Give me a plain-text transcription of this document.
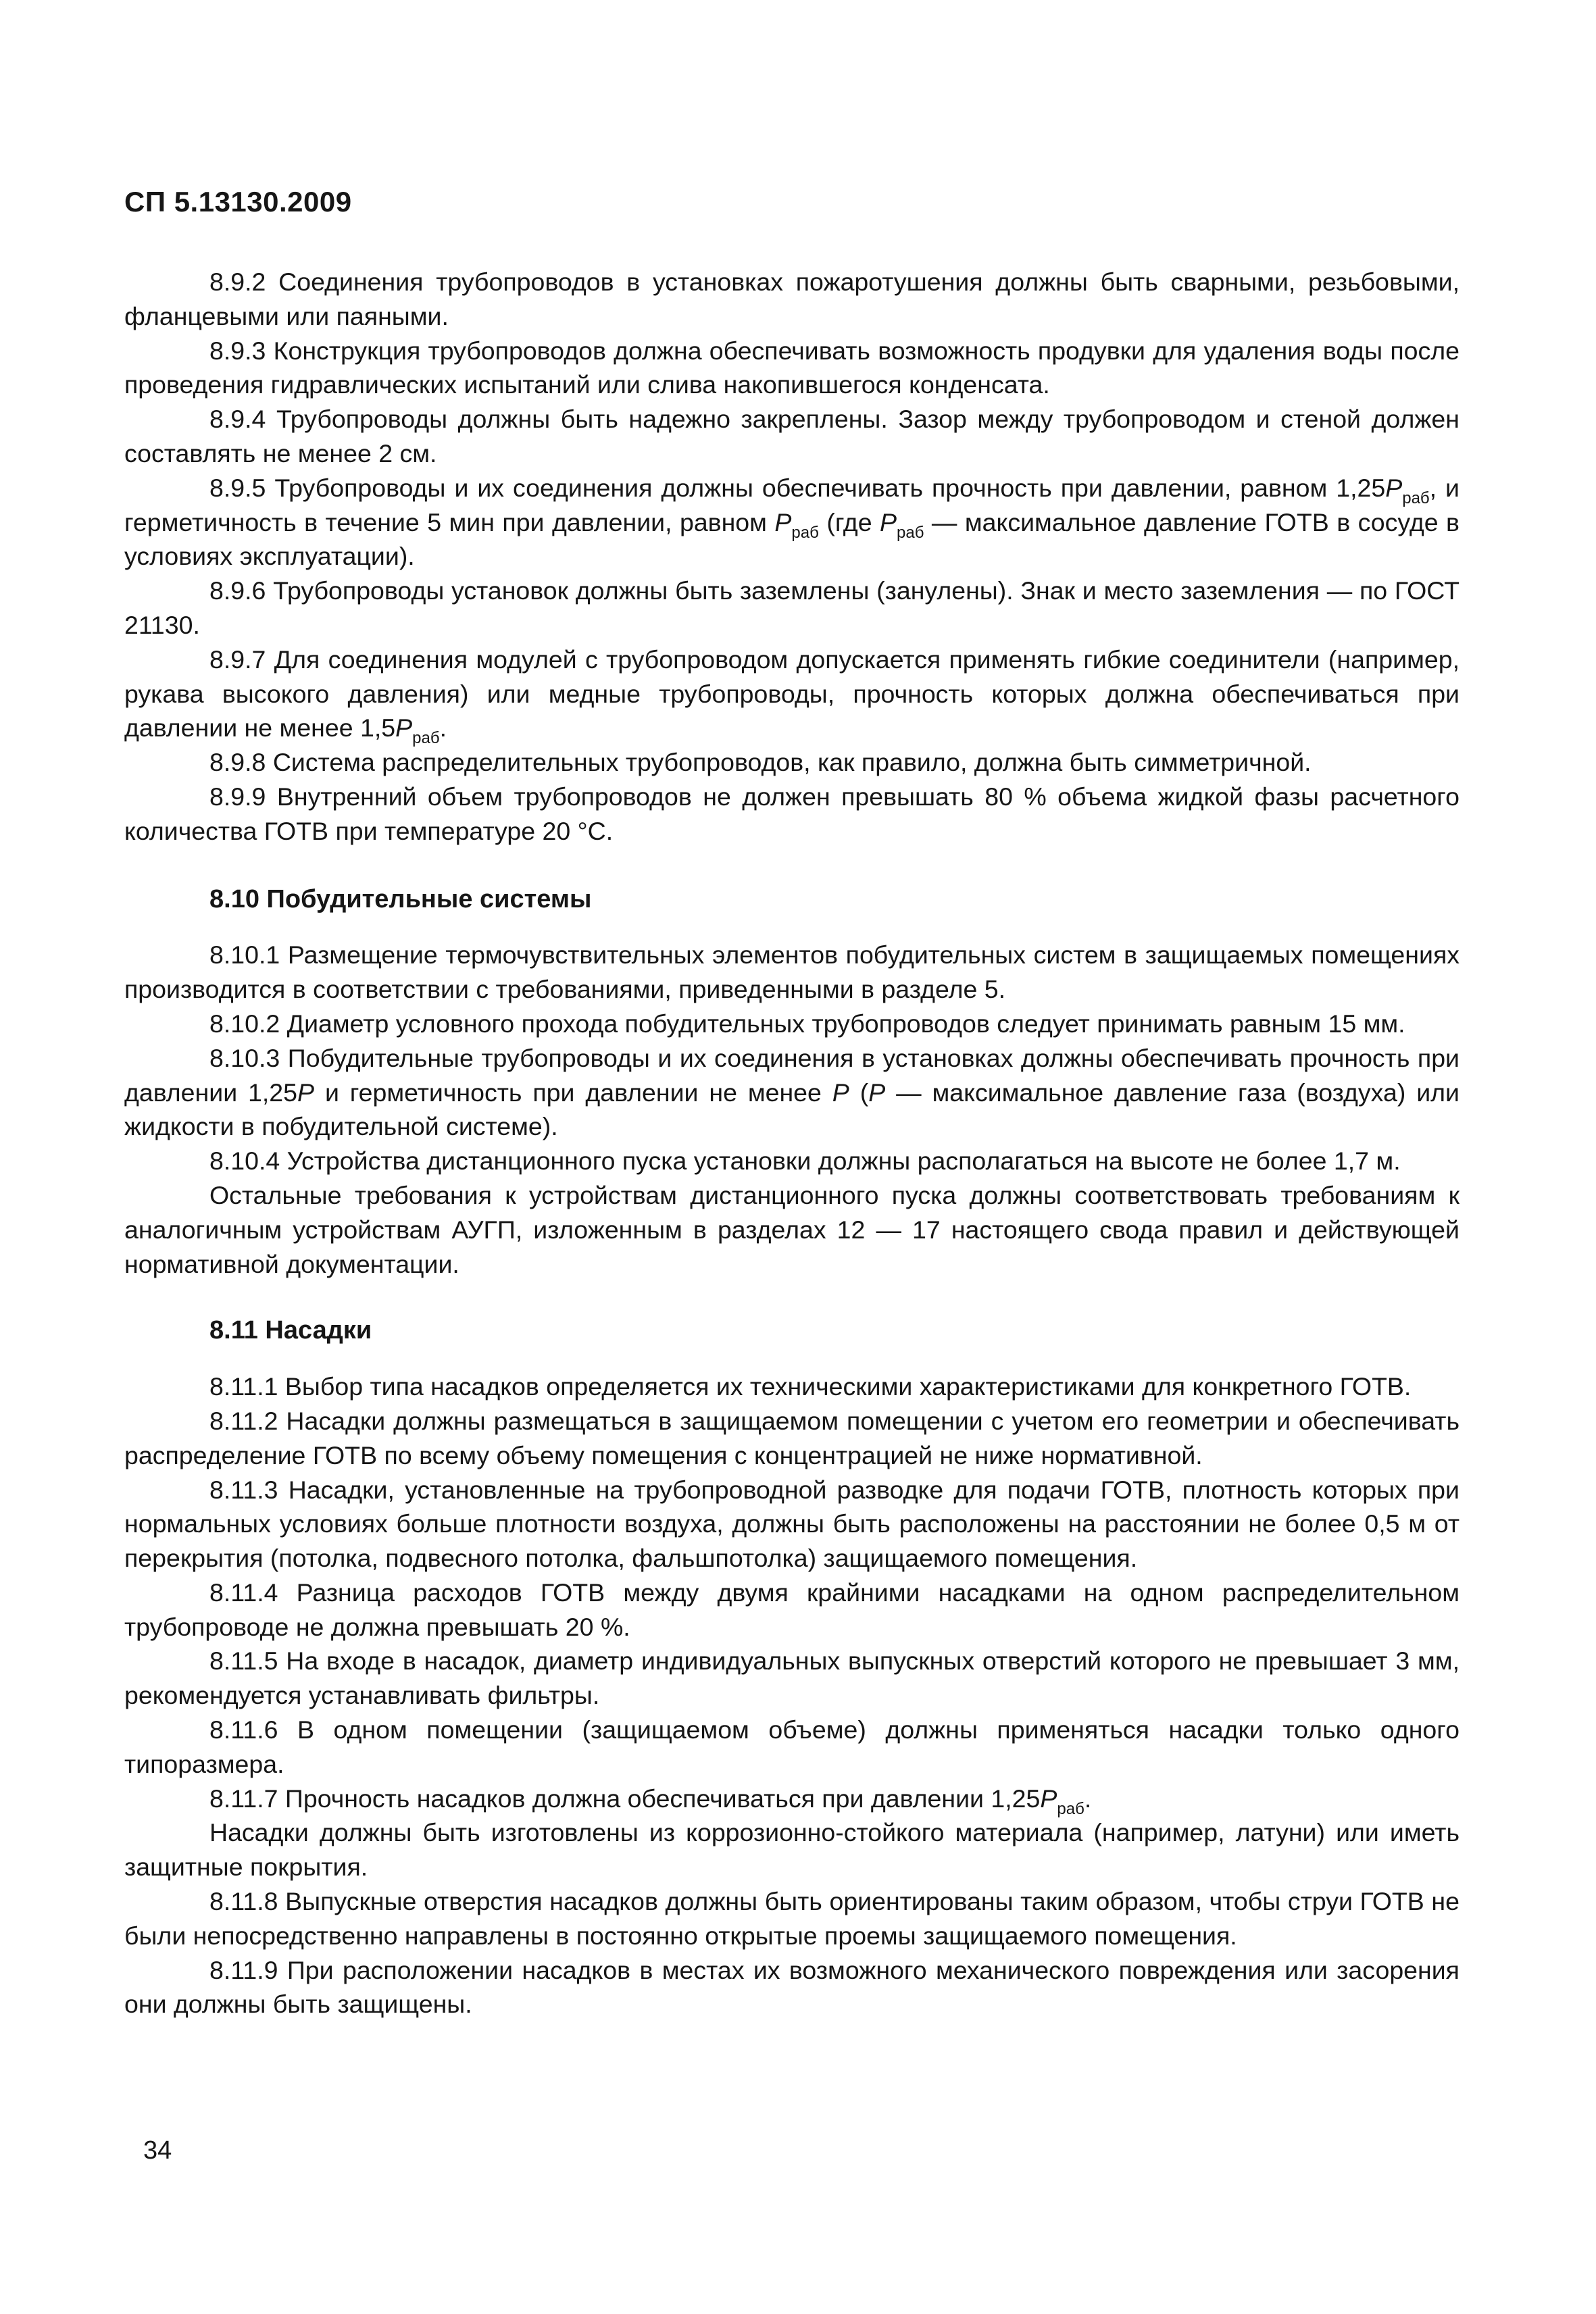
СП 5.13130.2009

8.9.2 Соединения трубопроводов в установках пожаротушения должны быть сварными, резьбовыми, фланцевыми или паяными.

8.9.3 Конструкция трубопроводов должна обеспечивать возможность продувки для удаления воды после проведения гидравлических испытаний или слива накопившегося конденсата.

8.9.4 Трубопроводы должны быть надежно закреплены. Зазор между трубопроводом и стеной должен составлять не менее 2 см.

8.9.5 Трубопроводы и их соединения должны обеспечивать прочность при давлении, равном $1,25P_{раб}$, и герметичность в течение 5 мин при давлении, равном $P_{раб}$ (где $P_{раб}$ — максимальное давление ГОТВ в сосуде в условиях эксплуатации).

8.9.6 Трубопроводы установок должны быть заземлены (занулены). Знак и место заземления — по ГОСТ 21130.

8.9.7 Для соединения модулей с трубопроводом допускается применять гибкие соединители (например, рукава высокого давления) или медные трубопроводы, прочность которых должна обеспечиваться при давлении не менее $1,5P_{раб}$.

8.9.8 Система распределительных трубопроводов, как правило, должна быть симметричной.

8.9.9 Внутренний объем трубопроводов не должен превышать 80 % объема жидкой фазы расчетного количества ГОТВ при температуре 20 °С.

8.10 Побудительные системы

8.10.1 Размещение термочувствительных элементов побудительных систем в защищаемых помещениях производится в соответствии с требованиями, приведенными в разделе 5.

8.10.2 Диаметр условного прохода побудительных трубопроводов следует принимать равным 15 мм.

8.10.3 Побудительные трубопроводы и их соединения в установках должны обеспечивать прочность при давлении 1,25P и герметичность при давлении не менее P (P — максимальное давление газа (воздуха) или жидкости в побудительной системе).

8.10.4 Устройства дистанционного пуска установки должны располагаться на высоте не более 1,7 м.

Остальные требования к устройствам дистанционного пуска должны соответствовать требованиям к аналогичным устройствам АУГП, изложенным в разделах 12 — 17 настоящего свода правил и действующей нормативной документации.

8.11 Насадки

8.11.1 Выбор типа насадков определяется их техническими характеристиками для конкретного ГОТВ.

8.11.2 Насадки должны размещаться в защищаемом помещении с учетом его геометрии и обеспечивать распределение ГОТВ по всему объему помещения с концентрацией не ниже нормативной.

8.11.3 Насадки, установленные на трубопроводной разводке для подачи ГОТВ, плотность которых при нормальных условиях больше плотности воздуха, должны быть расположены на расстоянии не более 0,5 м от перекрытия (потолка, подвесного потолка, фальшпотолка) защищаемого помещения.

8.11.4 Разница расходов ГОТВ между двумя крайними насадками на одном распределительном трубопроводе не должна превышать 20 %.

8.11.5 На входе в насадок, диаметр индивидуальных выпускных отверстий которого не превышает 3 мм, рекомендуется устанавливать фильтры.

8.11.6 В одном помещении (защищаемом объеме) должны применяться насадки только одного типоразмера.

8.11.7 Прочность насадков должна обеспечиваться при давлении $1,25P_{раб}$.

Насадки должны быть изготовлены из коррозионно-стойкого материала (например, латуни) или иметь защитные покрытия.

8.11.8 Выпускные отверстия насадков должны быть ориентированы таким образом, чтобы струи ГОТВ не были непосредственно направлены в постоянно открытые проемы защищаемого помещения.

8.11.9 При расположении насадков в местах их возможного механического повреждения или засорения они должны быть защищены.

34
